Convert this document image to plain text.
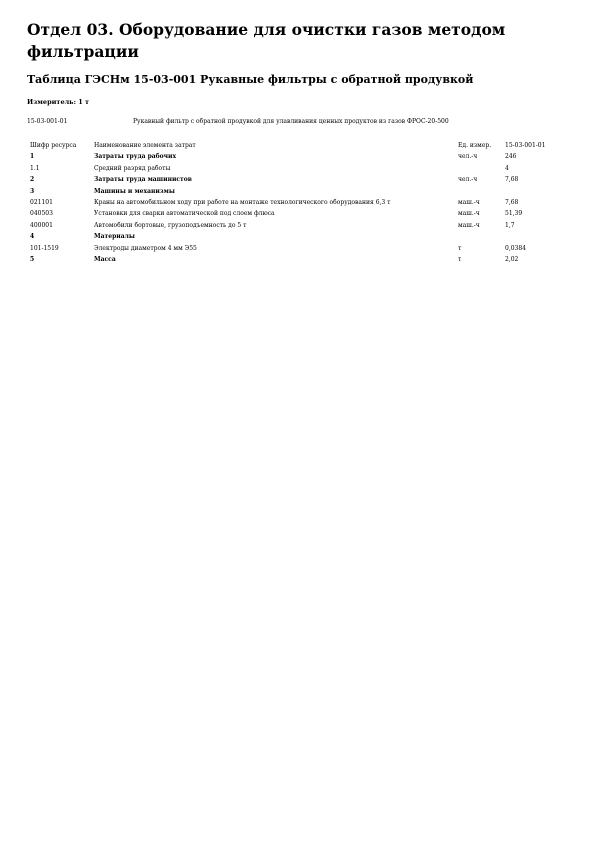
Отдел 03. Оборудование для очистки газов методом фильтрации
Таблица ГЭСНм 15-03-001 Рукавные фильтры с обратной продувкой
Измеритель: 1 т
15-03-001-01	Рукавный фильтр с обратной продувкой для улавливания ценных продуктов из газов ФРОС-20-500
Шифр ресурса	Наименование элемента затрат	Ед. измер.	15-03-001-01
1	Затраты труда рабочих	чел.-ч	246
1.1	Средний разряд работы		4
2	Затраты труда машинистов	чел.-ч	7,68
3	Машины и механизмы		
021101	Краны на автомобильном ходу при работе на монтаже технологического оборудования 6,3 т	маш.-ч	7,68
040503	Установки для сварки автоматической под слоем флюса	маш.-ч	51,39
400001	Автомобили бортовые, грузоподъемность до 5 т	маш.-ч	1,7
4	Материалы		
101-1519	Электроды диаметром 4 мм Э55	т	0,0384
5	Масса	т	2,02
